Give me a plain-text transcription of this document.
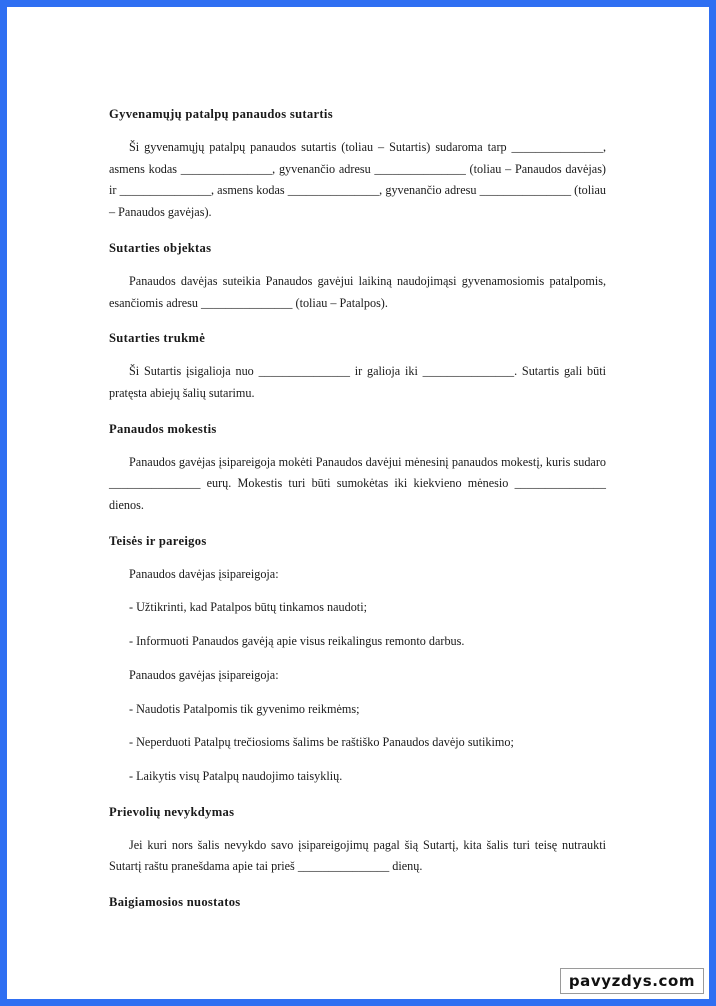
Gyvenamųjų patalpų panaudos sutartis

Ši gyvenamųjų patalpų panaudos sutartis (toliau – Sutartis) sudaroma tarp _______________, asmens kodas _______________, gyvenančio adresu _______________ (toliau – Panaudos davėjas) ir _______________, asmens kodas _______________, gyvenančio adresu _______________ (toliau – Panaudos gavėjas).

Sutarties objektas

Panaudos davėjas suteikia Panaudos gavėjui laikiną naudojimąsi gyvenamosiomis patalpomis, esančiomis adresu _______________ (toliau – Patalpos).

Sutarties trukmė

Ši Sutartis įsigalioja nuo _______________ ir galioja iki _______________. Sutartis gali būti pratęsta abiejų šalių sutarimu.

Panaudos mokestis

Panaudos gavėjas įsipareigoja mokėti Panaudos davėjui mėnesinį panaudos mokestį, kuris sudaro _______________ eurų. Mokestis turi būti sumokėtas iki kiekvieno mėnesio _______________ dienos.

Teisės ir pareigos

Panaudos davėjas įsipareigoja:

- Užtikrinti, kad Patalpos būtų tinkamos naudoti;

- Informuoti Panaudos gavėją apie visus reikalingus remonto darbus.

Panaudos gavėjas įsipareigoja:

- Naudotis Patalpomis tik gyvenimo reikmėms;

- Neperduoti Patalpų trečiosioms šalims be raštiško Panaudos davėjo sutikimo;

- Laikytis visų Patalpų naudojimo taisyklių.

Prievolių nevykdymas

Jei kuri nors šalis nevykdo savo įsipareigojimų pagal šią Sutartį, kita šalis turi teisę nutraukti Sutartį raštu pranešdama apie tai prieš _______________ dienų.

Baigiamosios nuostatos
pavyzdys.com
